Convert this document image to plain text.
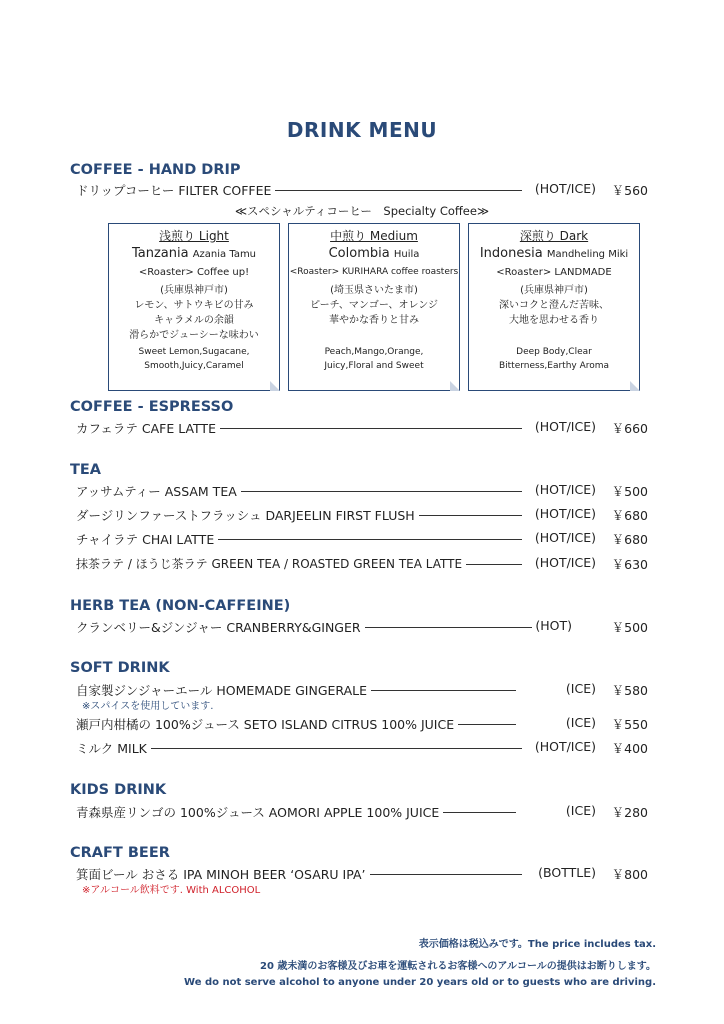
DRINK MENU
COFFEE - HAND DRIP
ドリップコーヒー FILTER COFFEE	(HOT/ICE) ￥560
≪スペシャルティコーヒー　Specialty Coffee≫
浅煎り Light
Tanzania Azania Tamu
<Roaster> Coffee up!
(兵庫県神戸市)
レモン、サトウキビの甘み
キャラメルの余韻
滑らかでジューシーな味わい
Sweet Lemon,Sugacane,
Smooth,Juicy,Caramel
中煎り Medium
Colombia Huila
<Roaster> KURIHARA coffee roasters
(埼玉県さいたま市)
ピーチ、マンゴー、オレンジ
華やかな香りと甘み
Peach,Mango,Orange,
Juicy,Floral and Sweet
深煎り Dark
Indonesia Mandheling Miki
<Roaster> LANDMADE
(兵庫県神戸市)
深いコクと澄んだ苦味、
大地を思わせる香り
Deep Body,Clear
Bitterness,Earthy Aroma
COFFEE - ESPRESSO
カフェラテ CAFE LATTE	(HOT/ICE) ￥660
TEA
アッサムティー ASSAM TEA	(HOT/ICE) ￥500
ダージリンファーストフラッシュ DARJEELIN FIRST FLUSH	(HOT/ICE) ￥680
チャイラテ CHAI LATTE	(HOT/ICE) ￥680
抹茶ラテ / ほうじ茶ラテ GREEN TEA / ROASTED GREEN TEA LATTE	(HOT/ICE) ￥630
HERB TEA (NON-CAFFEINE)
クランベリー&ジンジャー CRANBERRY&GINGER	(HOT)	￥500
SOFT DRINK
自家製ジンジャーエール HOMEMADE GINGERALE	(ICE) ￥580
※スパイスを使用しています.
瀬戸内柑橘の 100%ジュース SETO ISLAND CITRUS 100% JUICE	(ICE) ￥550
ミルク MILK	(HOT/ICE) ￥400
KIDS DRINK
青森県産リンゴの 100%ジュース AOMORI APPLE 100% JUICE	(ICE) ￥280
CRAFT BEER
箕面ビール おさる IPA MINOH BEER ‘OSARU IPA’	(BOTTLE) ￥800
※アルコール飲料です. With ALCOHOL
表示価格は税込みです。The price includes tax.
20 歳未満のお客様及びお車を運転されるお客様へのアルコールの提供はお断りします。
We do not serve alcohol to anyone under 20 years old or to guests who are driving.
